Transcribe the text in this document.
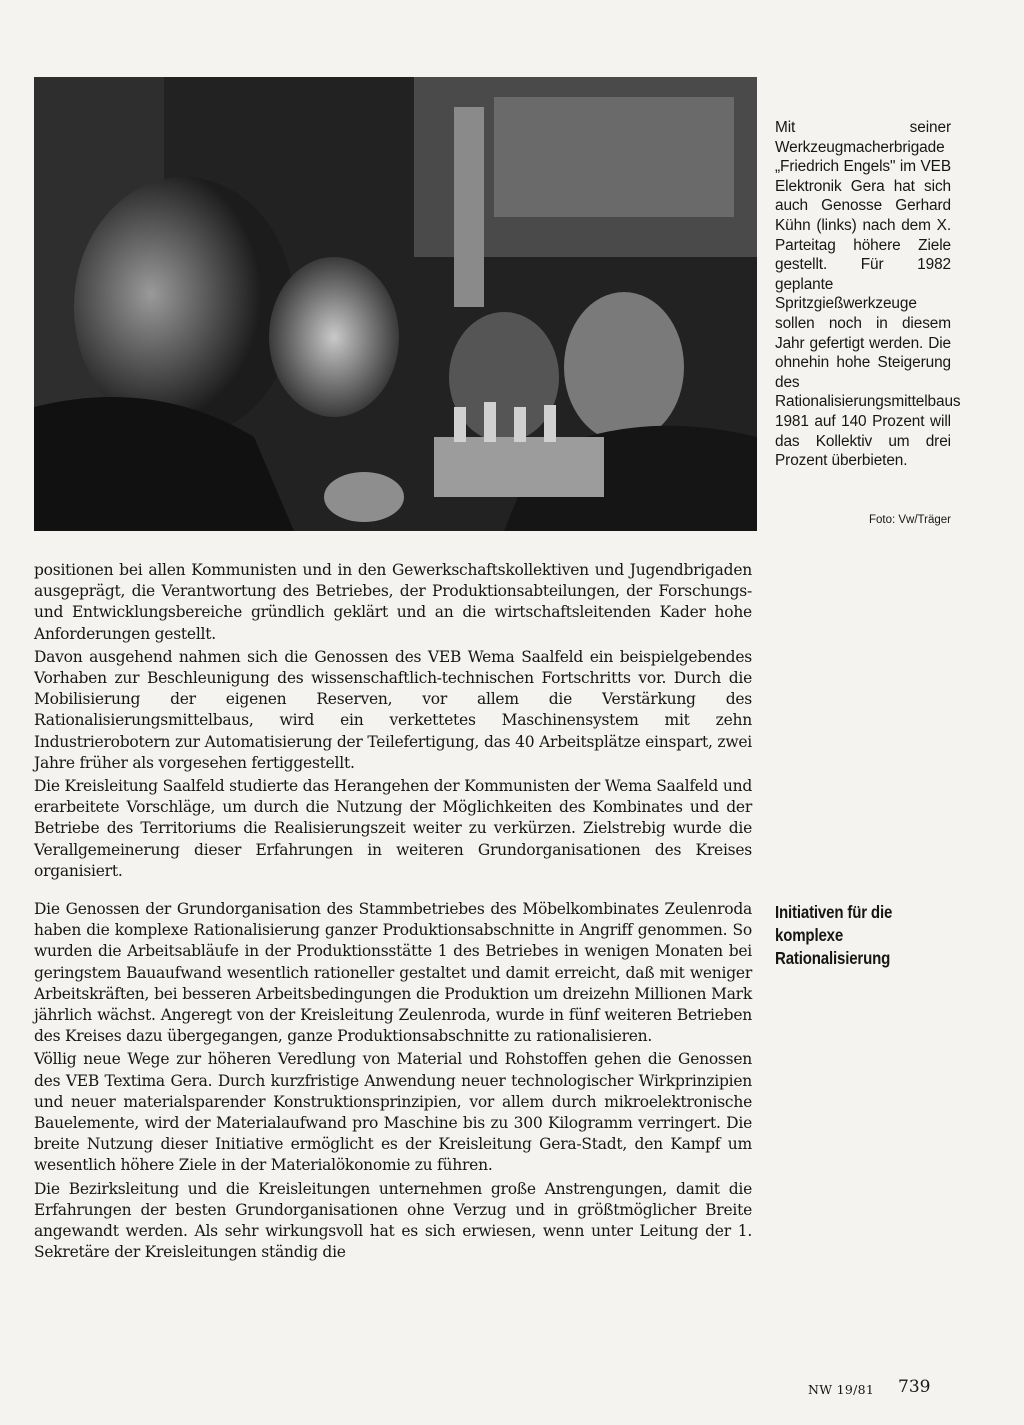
Mit seiner Werkzeugmacherbrigade „Friedrich Engels" im VEB Elektronik Gera hat sich auch Genosse Gerhard Kühn (links) nach dem X. Parteitag höhere Ziele gestellt. Für 1982 geplante Spritzgießwerkzeuge sollen noch in diesem Jahr gefertigt werden. Die ohnehin hohe Steigerung des Rationalisierungsmittelbaus 1981 auf 140 Prozent will das Kollektiv um drei Prozent überbieten.
Foto: Vw/Träger

positionen bei allen Kommunisten und in den Gewerkschaftskollektiven und Jugendbrigaden ausgeprägt, die Verantwortung des Betriebes, der Produktionsabteilungen, der Forschungs- und Entwicklungsbereiche gründlich geklärt und an die wirtschaftsleitenden Kader hohe Anforderungen gestellt.

Davon ausgehend nahmen sich die Genossen des VEB Wema Saalfeld ein beispielgebendes Vorhaben zur Beschleunigung des wissenschaftlich-technischen Fortschritts vor. Durch die Mobilisierung der eigenen Reserven, vor allem die Verstärkung des Rationalisierungsmittelbaus, wird ein verkettetes Maschinensystem mit zehn Industrierobotern zur Automatisierung der Teilefertigung, das 40 Arbeitsplätze einspart, zwei Jahre früher als vorgesehen fertiggestellt.

Die Kreisleitung Saalfeld studierte das Herangehen der Kommunisten der Wema Saalfeld und erarbeitete Vorschläge, um durch die Nutzung der Möglichkeiten des Kombinates und der Betriebe des Territoriums die Realisierungszeit weiter zu verkürzen. Zielstrebig wurde die Verallgemeinerung dieser Erfahrungen in weiteren Grundorganisationen des Kreises organisiert.

Initiativen für die komplexe Rationalisierung

Die Genossen der Grundorganisation des Stammbetriebes des Möbelkombinates Zeulenroda haben die komplexe Rationalisierung ganzer Produktionsabschnitte in Angriff genommen. So wurden die Arbeitsabläufe in der Produktionsstätte 1 des Betriebes in wenigen Monaten bei geringstem Bauaufwand wesentlich rationeller gestaltet und damit erreicht, daß mit weniger Arbeitskräften, bei besseren Arbeitsbedingungen die Produktion um dreizehn Millionen Mark jährlich wächst. Angeregt von der Kreisleitung Zeulenroda, wurde in fünf weiteren Betrieben des Kreises dazu übergegangen, ganze Produktionsabschnitte zu rationalisieren.

Völlig neue Wege zur höheren Veredlung von Material und Rohstoffen gehen die Genossen des VEB Textima Gera. Durch kurzfristige Anwendung neuer technologischer Wirkprinzipien und neuer materialsparender Konstruktionsprinzipien, vor allem durch mikroelektronische Bauelemente, wird der Materialaufwand pro Maschine bis zu 300 Kilogramm verringert. Die breite Nutzung dieser Initiative ermöglicht es der Kreisleitung Gera-Stadt, den Kampf um wesentlich höhere Ziele in der Materialökonomie zu führen.

Die Bezirksleitung und die Kreisleitungen unternehmen große Anstrengungen, damit die Erfahrungen der besten Grundorganisationen ohne Verzug und in größtmöglicher Breite angewandt werden. Als sehr wirkungsvoll hat es sich erwiesen, wenn unter Leitung der 1. Sekretäre der Kreisleitungen ständig die

NW 19/81 739
